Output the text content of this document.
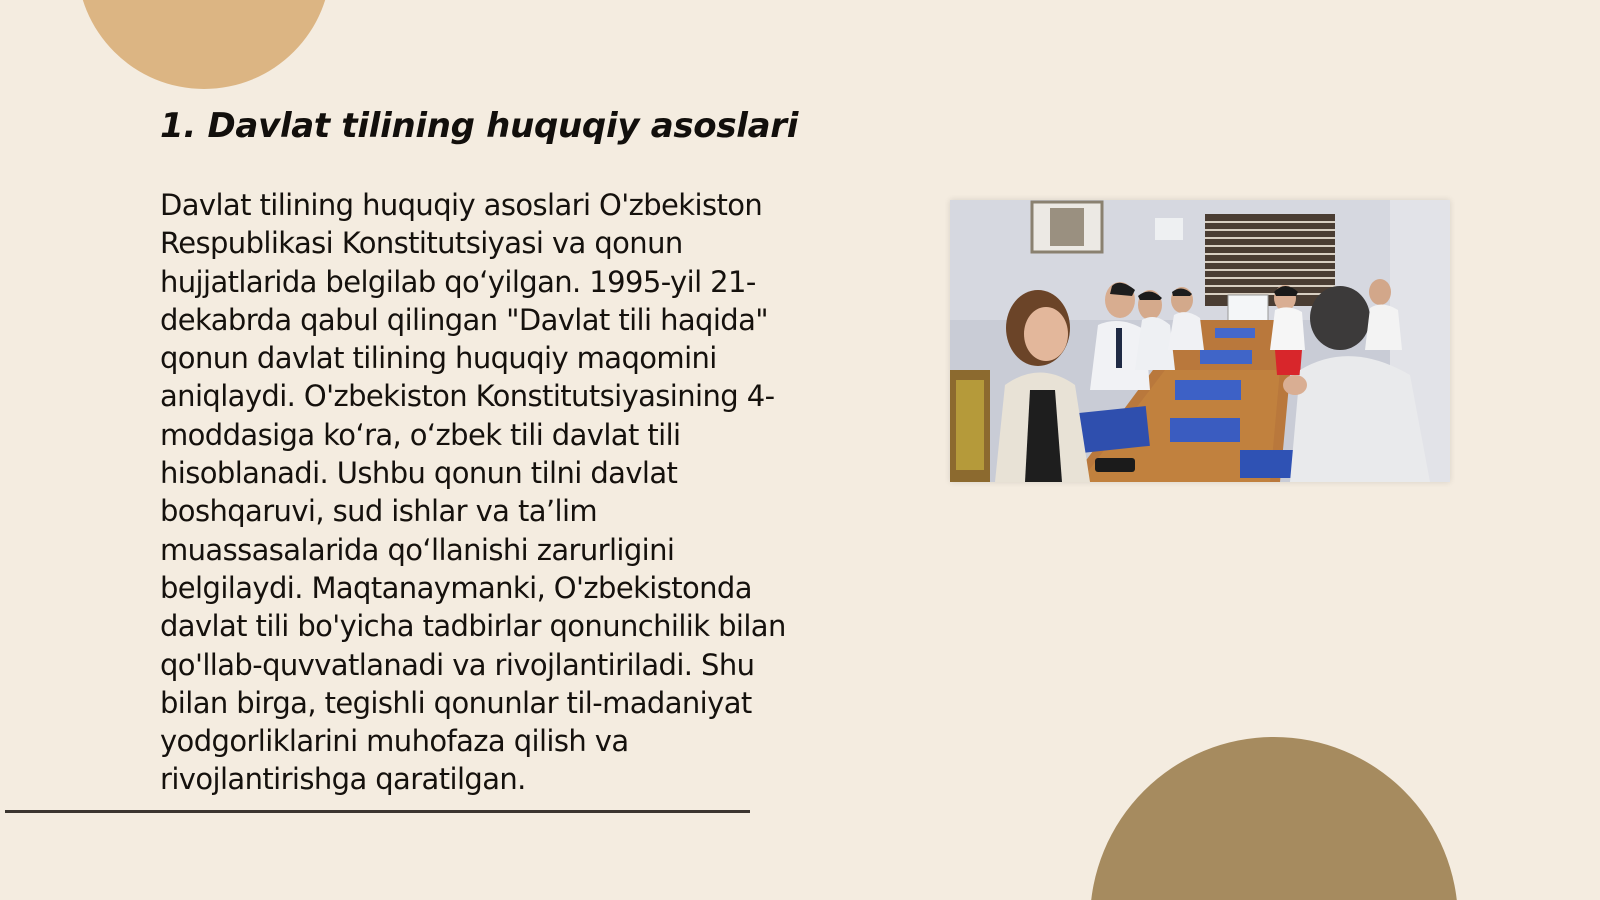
1. Davlat tilining huquqiy asoslari

Davlat tilining huquqiy asoslari O'zbekiston
Respublikasi Konstitutsiyasi va qonun
hujjatlarida belgilab qo‘yilgan. 1995-yil 21-
dekabrda qabul qilingan "Davlat tili haqida"
qonun davlat tilining huquqiy maqomini
aniqlaydi. O'zbekiston Konstitutsiyasining 4-
moddasiga ko‘ra, o‘zbek tili davlat tili
hisoblanadi. Ushbu qonun tilni davlat
boshqaruvi, sud ishlar va ta’lim
muassasalarida qo‘llanishi zarurligini
belgilaydi. Maqtanaymanki, O'zbekistonda
davlat tili bo'yicha tadbirlar qonunchilik bilan
qo'llab-quvvatlanadi va rivojlantiriladi. Shu
bilan birga, tegishli qonunlar til-madaniyat
yodgorliklarini muhofaza qilish va
rivojlantirishga qaratilgan.
